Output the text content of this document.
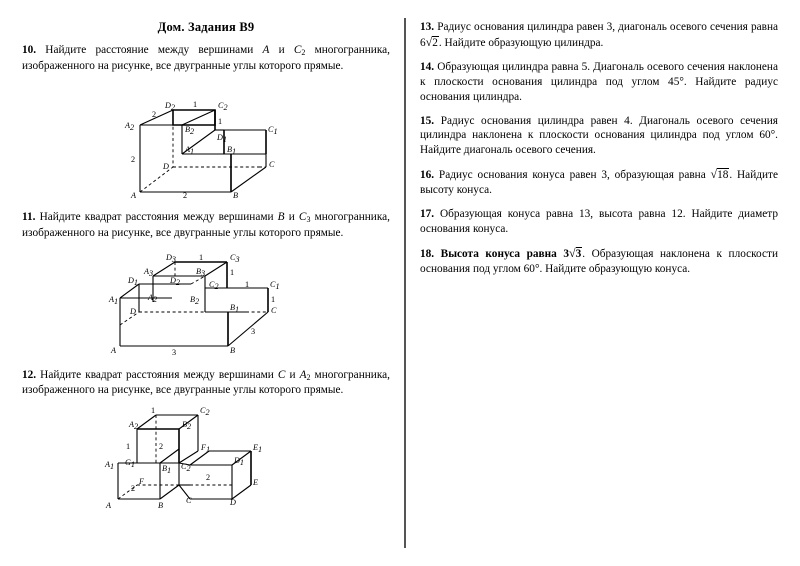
Дом. Задания В9

10. Найдите расстояние между вершинами A и $C_2$ многогранника, изображенного на рисунке, все двугранные углы которого прямые.

D2	C2
A2	B2
D1
C1
A1	B1
D	C
A	B
1
2
1
2
2

11. Найдите квадрат расстояния между вершинами B и $C_3$ многогранника, изображенного на рисунке, все двугранные углы которого прямые.

D3	C3
A3	B3
D1	D2	C2	C1
A1	A2	B2
B1
D	C
A	B
1
1
1
1
3
3

12. Найдите квадрат расстояния между вершинами C и $A_2$ многогранника, изображенного на рисунке, все двугранные углы которого прямые.

A2	B2
C2
G1
F1	E1
D1
C2
A1	B1
F	E
A	B
C	D
1	2
2
2
1

13. Радиус основания цилиндра равен 3, диагональ осевого сечения равна 6√2. Найдите образующую цилиндра.

14. Образующая цилиндра равна 5. Диагональ осевого сечения наклонена к плоскости основания цилиндра под углом 45°. Найдите радиус основания цилиндра.

15. Радиус основания цилиндра равен 4. Диагональ осевого сечения цилиндра наклонена к плоскости основания цилиндра под углом 60°. Найдите диагональ осевого сечения.

16. Радиус основания конуса равен 3, образующая равна √18. Найдите высоту конуса.

17. Образующая конуса равна 13, высота равна 12. Найдите диаметр основания конуса.

18. Высота конуса равна 3√3. Образующая наклонена к плоскости основания под углом 60°. Найдите образующую конуса.
